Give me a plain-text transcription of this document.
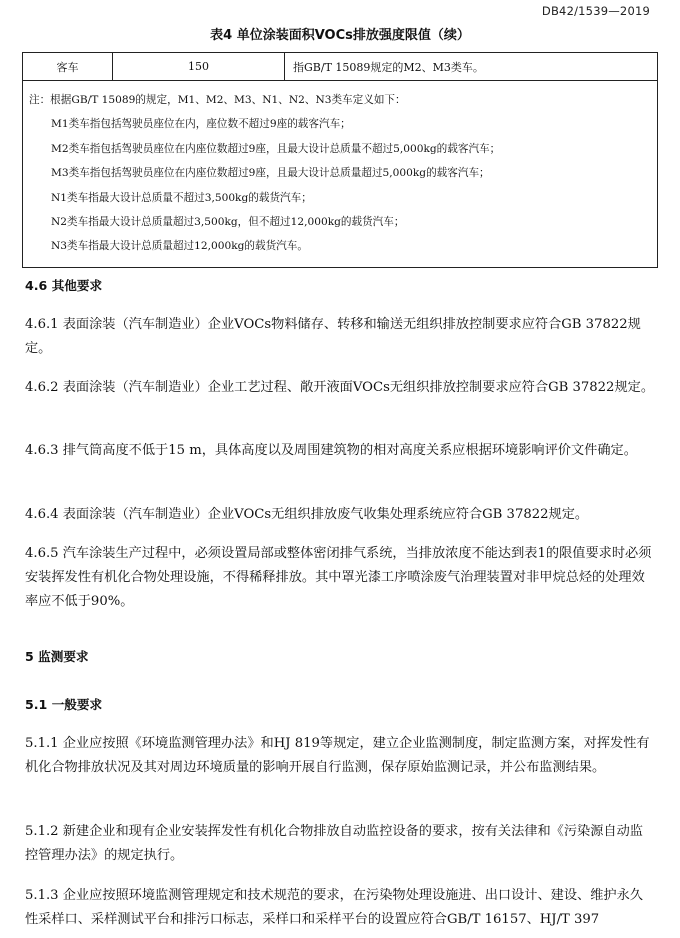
DB42/1539—2019
表4 单位涂装面积VOCs排放强度限值（续）
客车	150	指GB/T 15089规定的M2、M3类车。

注：根据GB/T 15089的规定，M1、M2、M3、N1、N2、N3类车定义如下：
M1类车指包括驾驶员座位在内，座位数不超过9座的载客汽车；
M2类车指包括驾驶员座位在内座位数超过9座，且最大设计总质量不超过5,000kg的载客汽车；
M3类车指包括驾驶员座位在内座位数超过9座，且最大设计总质量超过5,000kg的载客汽车；
N1类车指最大设计总质量不超过3,500kg的载货汽车；
N2类车指最大设计总质量超过3,500kg，但不超过12,000kg的载货汽车；
N3类车指最大设计总质量超过12,000kg的载货汽车。

4.6 其他要求

4.6.1 表面涂装（汽车制造业）企业VOCs物料储存、转移和输送无组织排放控制要求应符合GB 37822规定。

4.6.2 表面涂装（汽车制造业）企业工艺过程、敞开液面VOCs无组织排放控制要求应符合GB 37822规定。

4.6.3 排气筒高度不低于15 m，具体高度以及周围建筑物的相对高度关系应根据环境影响评价文件确定。

4.6.4 表面涂装（汽车制造业）企业VOCs无组织排放废气收集处理系统应符合GB 37822规定。

4.6.5 汽车涂装生产过程中，必须设置局部或整体密闭排气系统，当排放浓度不能达到表1的限值要求时必须安装挥发性有机化合物处理设施，不得稀释排放。其中罩光漆工序喷涂废气治理装置对非甲烷总烃的处理效率应不低于90%。

5 监测要求

5.1 一般要求

5.1.1 企业应按照《环境监测管理办法》和HJ 819等规定，建立企业监测制度，制定监测方案，对挥发性有机化合物排放状况及其对周边环境质量的影响开展自行监测，保存原始监测记录，并公布监测结果。

5.1.2 新建企业和现有企业安装挥发性有机化合物排放自动监控设备的要求，按有关法律和《污染源自动监控管理办法》的规定执行。

5.1.3 企业应按照环境监测管理规定和技术规范的要求，在污染物处理设施进、出口设计、建设、维护永久性采样口、采样测试平台和排污口标志，采样口和采样平台的设置应符合GB/T 16157、HJ/T 397
